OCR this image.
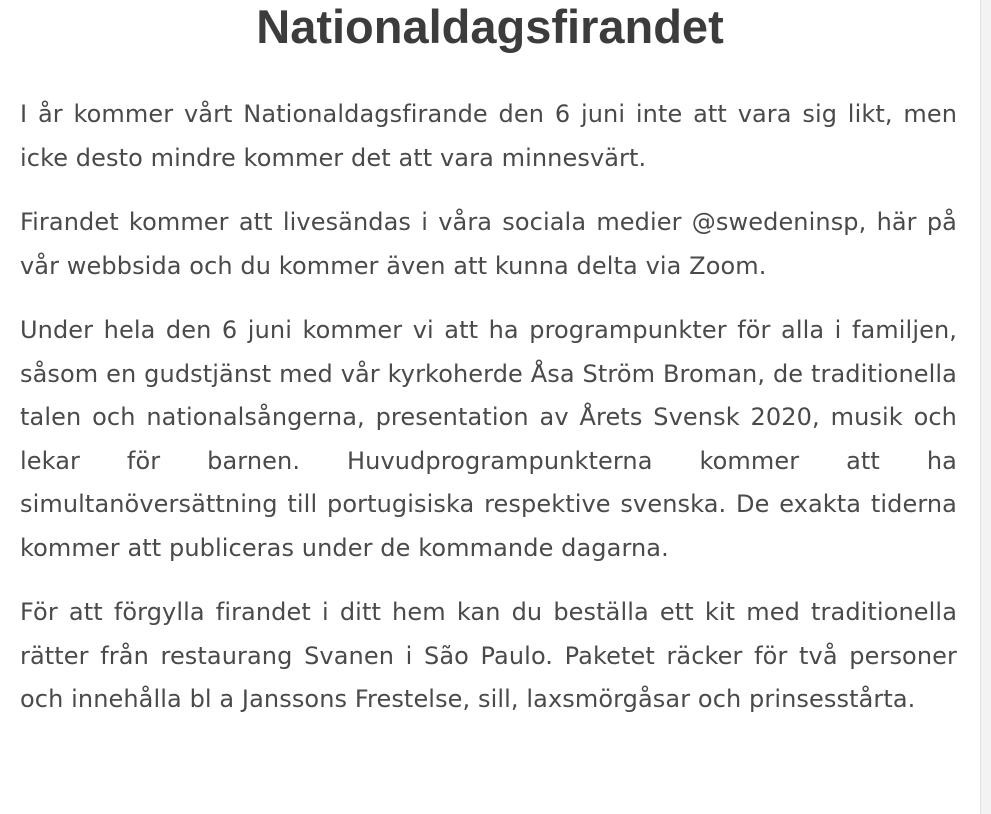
Nationaldagsfirandet

I år kommer vårt Nationaldagsfirande den 6 juni inte att vara sig likt, men icke desto mindre kommer det att vara minnesvärt.

Firandet kommer att livesändas i våra sociala medier @swedeninsp, här på vår webbsida och du kommer även att kunna delta via Zoom.

Under hela den 6 juni kommer vi att ha programpunkter för alla i familjen, såsom en gudstjänst med vår kyrkoherde Åsa Ström Broman, de traditionella talen och nationalsångerna, presentation av Årets Svensk 2020, musik och lekar för barnen. Huvudprogrampunkterna kommer att ha simultanöversättning till portugisiska respektive svenska. De exakta tiderna kommer att publiceras under de kommande dagarna.

För att förgylla firandet i ditt hem kan du beställa ett kit med traditionella rätter från restaurang Svanen i São Paulo. Paketet räcker för två personer och innehålla bl a Janssons Frestelse, sill, laxsmörgåsar och prinsesstårta.
